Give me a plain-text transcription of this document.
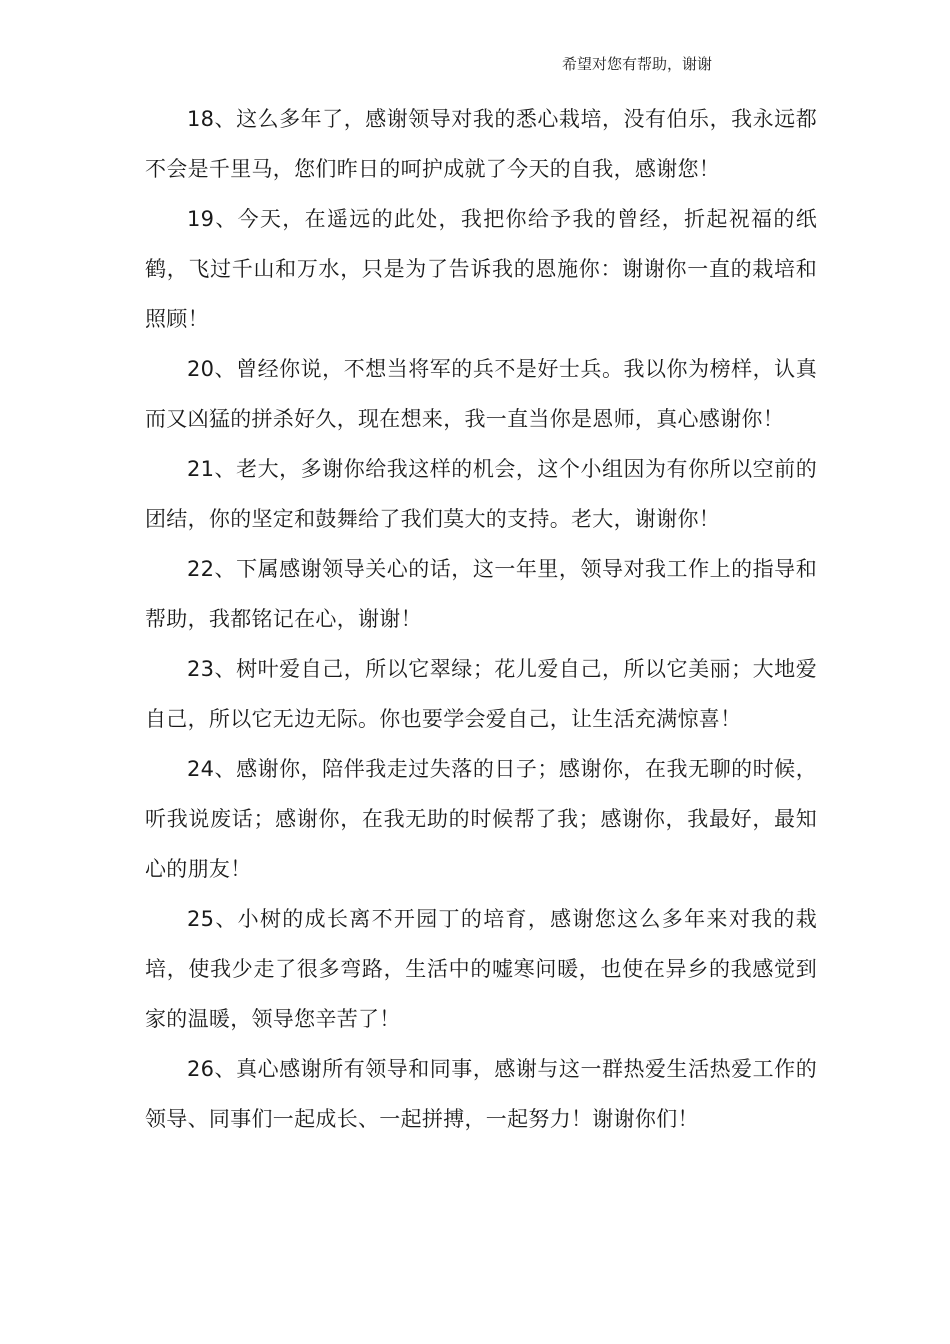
希望对您有帮助，谢谢

18、这么多年了，感谢领导对我的悉心栽培，没有伯乐，我永远都不会是千里马，您们昨日的呵护成就了今天的自我，感谢您！

19、今天，在遥远的此处，我把你给予我的曾经，折起祝福的纸鹤，飞过千山和万水，只是为了告诉我的恩施你：谢谢你一直的栽培和照顾！

20、曾经你说，不想当将军的兵不是好士兵。我以你为榜样，认真而又凶猛的拼杀好久，现在想来，我一直当你是恩师，真心感谢你！

21、老大，多谢你给我这样的机会，这个小组因为有你所以空前的团结，你的坚定和鼓舞给了我们莫大的支持。老大，谢谢你！

22、下属感谢领导关心的话，这一年里，领导对我工作上的指导和帮助，我都铭记在心，谢谢！

23、树叶爱自己，所以它翠绿；花儿爱自己，所以它美丽；大地爱自己，所以它无边无际。你也要学会爱自己，让生活充满惊喜！

24、感谢你，陪伴我走过失落的日子；感谢你，在我无聊的时候，听我说废话；感谢你，在我无助的时候帮了我；感谢你，我最好，最知心的朋友！

25、小树的成长离不开园丁的培育，感谢您这么多年来对我的栽培，使我少走了很多弯路，生活中的嘘寒问暖，也使在异乡的我感觉到家的温暖，领导您辛苦了！

26、真心感谢所有领导和同事，感谢与这一群热爱生活热爱工作的领导、同事们一起成长、一起拼搏，一起努力！谢谢你们！
